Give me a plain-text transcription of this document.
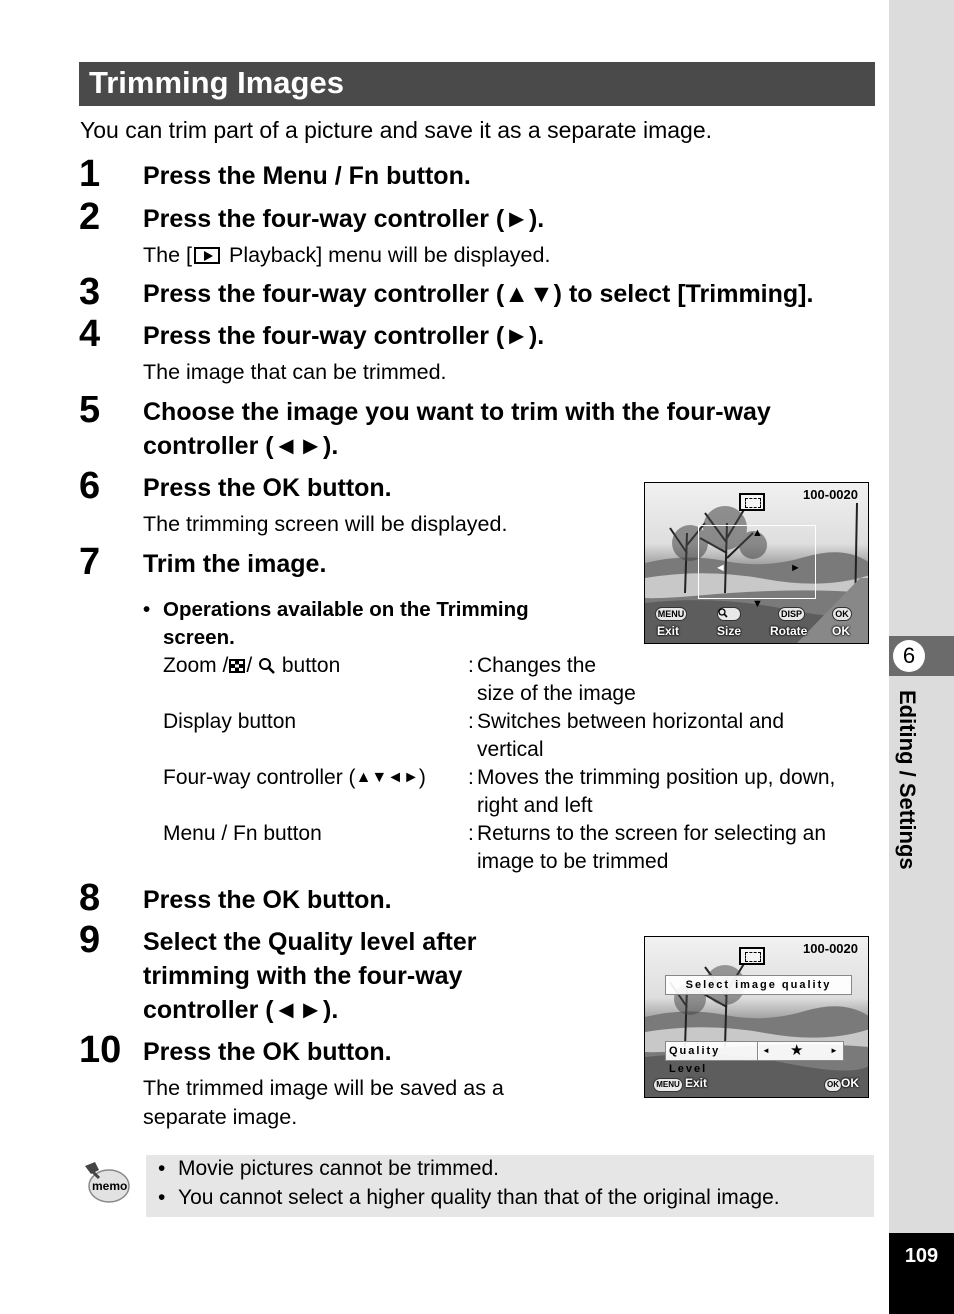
6
Editing / Settings
109
Trimming Images
You can trim part of a picture and save it as a separate image.
1 Press the Menu / Fn button.
2 Press the four-way controller (►).
The [ Playback] menu will be displayed.
3 Press the four-way controller (▲▼) to select [Trimming].
4 Press the four-way controller (►).
The image that can be trimmed.
5 Choose the image you want to trim with the four-way
controller (◄►).
6 Press the OK button.
The trimming screen will be displayed.
7 Trim the image.
• Operations available on the Trimming
screen.
Zoom / /  button	: Changes the
size of the image
Display button	: Switches between horizontal and
vertical
Four-way controller (▲▼◄►) : Moves the trimming position up, down,
right and left
Menu / Fn button	: Returns to the screen for selecting an
image to be trimmed
8 Press the OK button.
9 Select the Quality level after
trimming with the four-way
controller (◄►).
10 Press the OK button.
The trimmed image will be saved as a
separate image.
100-0020
▲
▼
◄	►
MENU	DISP	OK
Exit	Size Rotate OK
100-0020
Select image quality
Quality Level
◄ ★	►
MENU Exit	OK OK
memo
• Movie pictures cannot be trimmed.
• You cannot select a higher quality than that of the original image.
